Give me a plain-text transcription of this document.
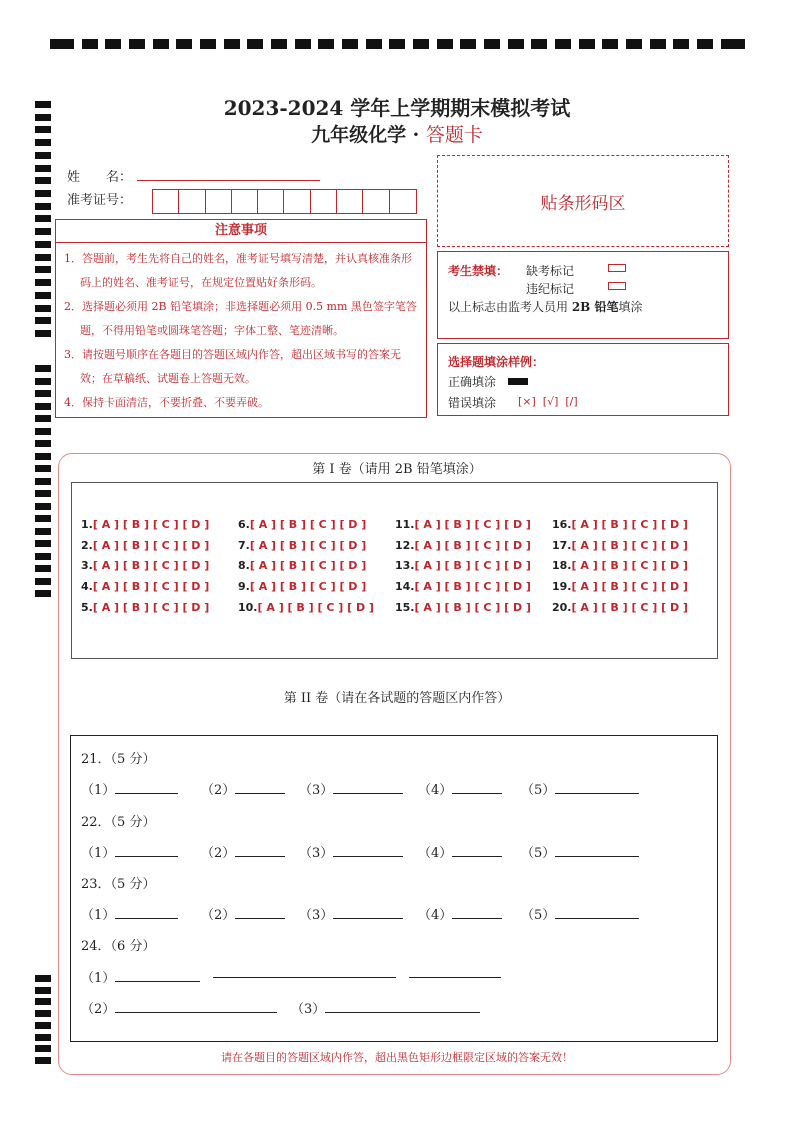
2023-2024 学年上学期期末模拟考试
九年级化学 · 答题卡
姓　　名：
准考证号：
注意事项

1．答题前，考生先将自己的姓名，准考证号填写清楚，并认真核准条形码上的姓名、准考证号，在规定位置贴好条形码。

2．选择题必须用 2B 铅笔填涂；非选择题必须用 0.5 mm 黑色签字笔答题，不得用铅笔或圆珠笔答题；字体工整、笔迹清晰。

3．请按题号顺序在各题目的答题区域内作答，超出区域书写的答案无效；在草稿纸、试题卷上答题无效。

4．保持卡面清洁，不要折叠、不要弄破。

贴条形码区
考生禁填： 缺考标记
违纪标记
以上标志由监考人员用 2B 铅笔填涂
选择题填涂样例：
正确填涂
错误填涂 [×]  [√]  [/]
第 I 卷（请用 2B 铅笔填涂）
1.[ A ] [ B ] [ C ] [ D ]
2.[ A ] [ B ] [ C ] [ D ]
3.[ A ] [ B ] [ C ] [ D ]
4.[ A ] [ B ] [ C ] [ D ]
5.[ A ] [ B ] [ C ] [ D ]
6.[ A ] [ B ] [ C ] [ D ]
7.[ A ] [ B ] [ C ] [ D ]
8.[ A ] [ B ] [ C ] [ D ]
9.[ A ] [ B ] [ C ] [ D ]
10.[ A ] [ B ] [ C ] [ D ]
11.[ A ] [ B ] [ C ] [ D ]
12.[ A ] [ B ] [ C ] [ D ]
13.[ A ] [ B ] [ C ] [ D ]
14.[ A ] [ B ] [ C ] [ D ]
15.[ A ] [ B ] [ C ] [ D ]
16.[ A ] [ B ] [ C ] [ D ]
17.[ A ] [ B ] [ C ] [ D ]
18.[ A ] [ B ] [ C ] [ D ]
19.[ A ] [ B ] [ C ] [ D ]
20.[ A ] [ B ] [ C ] [ D ]
第 II 卷（请在各试题的答题区内作答）
21．（5 分）
（1）	（2）	（3）	（4）	（5）
22．（5 分）
（1）	（2）	（3）	（4）	（5）
23．（5 分）
（1）	（2）	（3）	（4）	（5）
24．（6 分）
（1）
（2）	（3）
请在各题目的答题区域内作答，超出黑色矩形边框限定区域的答案无效！
